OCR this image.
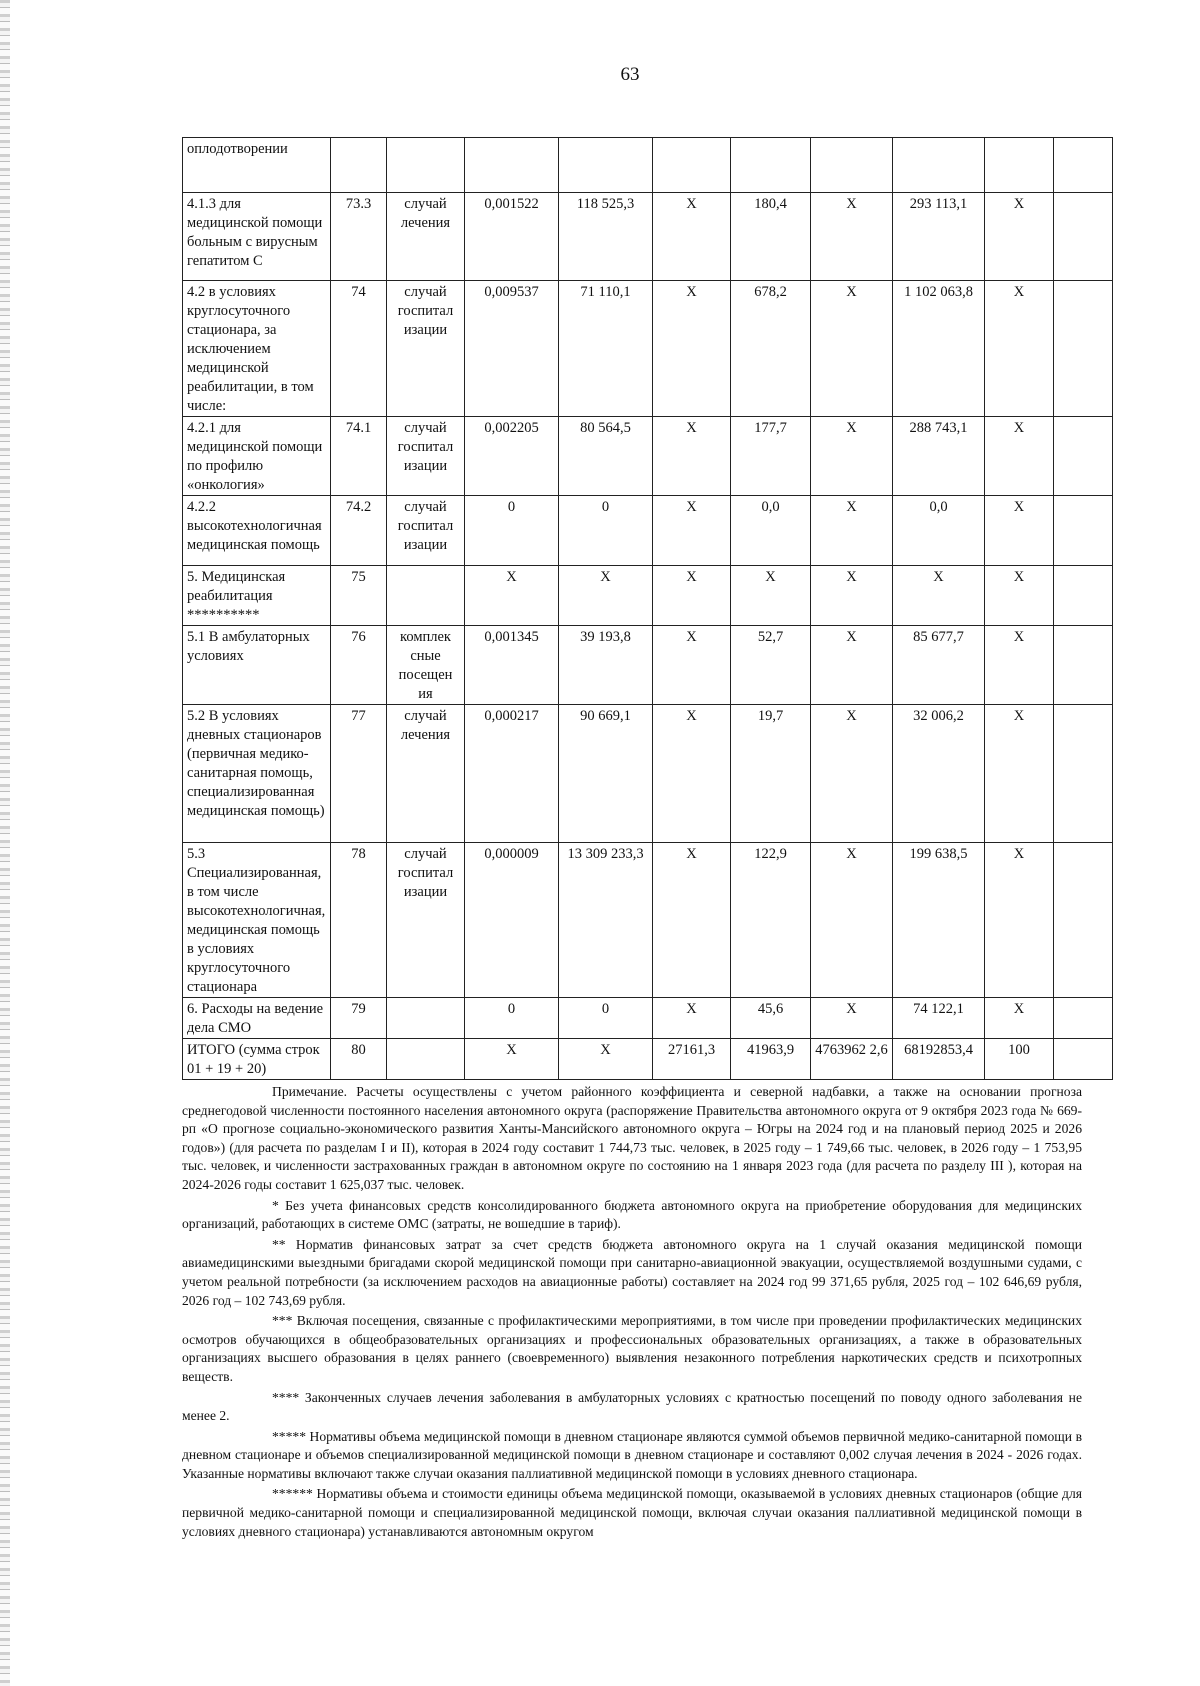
63
оплодотворении										
4.1.3 для медицинской помощи больным с вирусным гепатитом С	73.3	случай лечения	0,001522	118 525,3	Х	180,4	Х	293 113,1	Х	
4.2 в условиях круглосуточного стационара, за исключением медицинской реабилитации, в том числе:	74	случай госпитал изации	0,009537	71 110,1	Х	678,2	Х	1 102 063,8	Х	
4.2.1 для медицинской помощи по профилю «онкология»	74.1	случай госпитал изации	0,002205	80 564,5	Х	177,7	Х	288 743,1	Х	
4.2.2 высокотехнологичная медицинская помощь	74.2	случай госпитал изации	0	0	Х	0,0	Х	0,0	Х	
5. Медицинская реабилитация **********	75		Х	Х	Х	Х	Х	Х	Х	
5.1 В амбулаторных условиях	76	комплек сные посещен ия	0,001345	39 193,8	Х	52,7	Х	85 677,7	Х	
5.2 В условиях дневных стационаров (первичная медико-санитарная помощь, специализированная медицинская помощь)	77	случай лечения	0,000217	90 669,1	Х	19,7	Х	32 006,2	Х	
5.3 Специализированная, в том числе высокотехнологичная, медицинская помощь в условиях круглосуточного стационара	78	случай госпитал изации	0,000009	13 309 233,3	Х	122,9	Х	199 638,5	Х	
6. Расходы на ведение дела СМО	79		0	0	Х	45,6	Х	74 122,1	Х	
ИТОГО (сумма строк 01 + 19 + 20)	80		Х	Х	27161,3	41963,9	4763962 2,6	68192853,4	100	

Примечание. Расчеты осуществлены с учетом районного коэффициента и северной надбавки, а также на основании прогноза среднегодовой численности постоянного населения автономного округа (распоряжение Правительства автономного округа от 9 октября 2023 года № 669-рп «О прогнозе социально-экономического развития Ханты-Мансийского автономного округа – Югры на 2024 год и на плановый период 2025 и 2026 годов») (для расчета по разделам I и II), которая в 2024 году составит 1 744,73 тыс. человек, в 2025 году – 1 749,66 тыс. человек, в 2026 году – 1 753,95 тыс. человек, и численности застрахованных граждан в автономном округе по состоянию на 1 января 2023 года (для расчета по разделу III ), которая на 2024-2026 годы составит 1 625,037 тыс. человек.

* Без учета финансовых средств консолидированного бюджета автономного округа на приобретение оборудования для медицинских организаций, работающих в системе ОМС (затраты, не вошедшие в тариф).

** Норматив финансовых затрат за счет средств бюджета автономного округа на 1 случай оказания медицинской помощи авиамедицинскими выездными бригадами скорой медицинской помощи при санитарно-авиационной эвакуации, осуществляемой воздушными судами, с учетом реальной потребности (за исключением расходов на авиационные работы) составляет на 2024 год 99 371,65 рубля, 2025 год – 102 646,69 рубля, 2026 год – 102 743,69 рубля.

*** Включая посещения, связанные с профилактическими мероприятиями, в том числе при проведении профилактических медицинских осмотров обучающихся в общеобразовательных организациях и профессиональных образовательных организациях, а также в образовательных организациях высшего образования в целях раннего (своевременного) выявления незаконного потребления наркотических средств и психотропных веществ.

**** Законченных случаев лечения заболевания в амбулаторных условиях с кратностью посещений по поводу одного заболевания не менее 2.

***** Нормативы объема медицинской помощи в дневном стационаре являются суммой объемов первичной медико-санитарной помощи в дневном стационаре и объемов специализированной медицинской помощи в дневном стационаре и составляют 0,002 случая лечения в 2024 - 2026 годах. Указанные нормативы включают также случаи оказания паллиативной медицинской помощи в условиях дневного стационара.

****** Нормативы объема и стоимости единицы объема медицинской помощи, оказываемой в условиях дневных стационаров (общие для первичной медико-санитарной помощи и специализированной медицинской помощи, включая случаи оказания паллиативной медицинской помощи в условиях дневного стационара) устанавливаются автономным округом
